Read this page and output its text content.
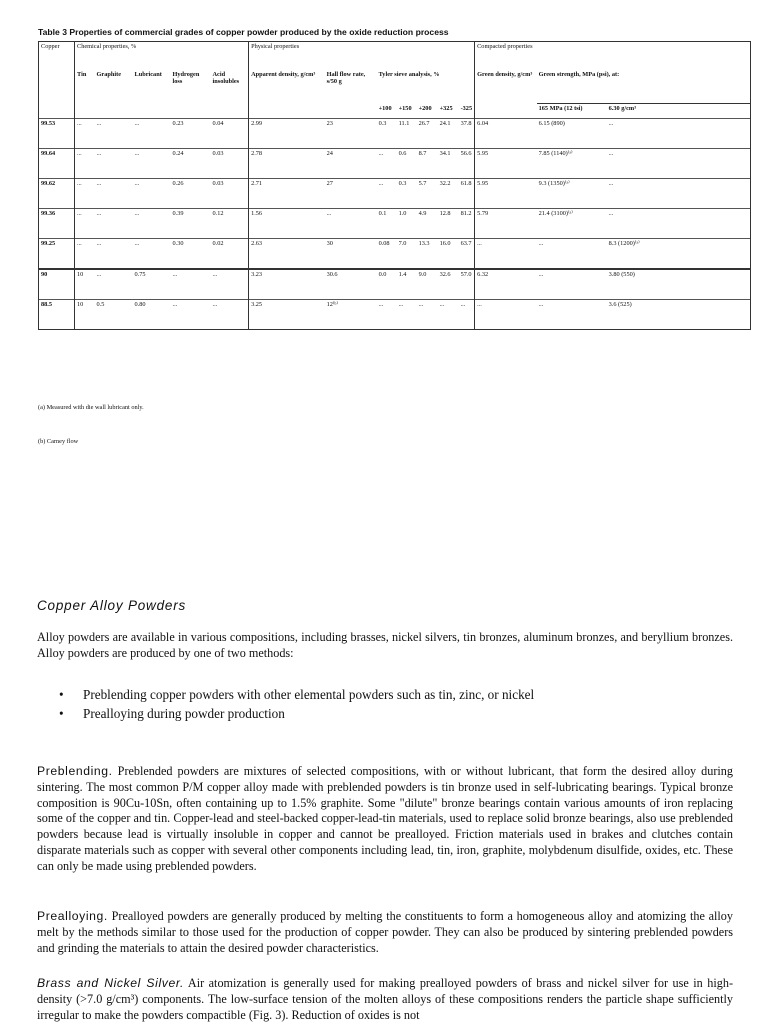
Table 3 Properties of commercial grades of copper powder produced by the oxide reduction process
Copper	Chemical properties, %					Physical properties							Compacted properties		
	Tin	Graphite	Lubricant	Hydrogen loss	Acid insolubles	Apparent density, g/cm³	Hall flow rate, s/50 g	Tyler sieve analysis, %					Green density, g/cm³	Green strength, MPa (psi), at:	
								+100	+150	+200	+325	-325		165 MPa (12 tsi)	6.30 g/cm³
99.53	...	...	...	0.23	0.04	2.99	23	0.3	11.1	26.7	24.1	37.8	6.04	6.15 (890)	...
99.64	...	...	...	0.24	0.03	2.78	24	...	0.6	8.7	34.1	56.6	5.95	7.85 (1140)⁽ᵃ⁾	...
99.62	...	...	...	0.26	0.03	2.71	27	...	0.3	5.7	32.2	61.8	5.95	9.3 (1350)⁽ᵃ⁾	...
99.36	...	...	...	0.39	0.12	1.56	...	0.1	1.0	4.9	12.8	81.2	5.79	21.4 (3100)⁽ᵃ⁾	...
99.25	...	...	...	0.30	0.02	2.63	30	0.08	7.0	13.3	16.0	63.7	...	...	8.3 (1200)⁽ᵃ⁾
90	10	...	0.75	...	...	3.23	30.6	0.0	1.4	9.0	32.6	57.0	6.32	...	3.80 (550)
88.5	10	0.5	0.80	...	...	3.25	12⁽ᵇ⁾	...	...	...	...	...	...	...	3.6 (525)
(a) Measured with die wall lubricant only.
(b) Carney flow
Copper Alloy Powders
Alloy powders are available in various compositions, including brasses, nickel silvers, tin bronzes, aluminum bronzes, and beryllium bronzes. Alloy powders are produced by one of two methods:
• Preblending copper powders with other elemental powders such as tin, zinc, or nickel
• Prealloying during powder production
Preblending. Preblended powders are mixtures of selected compositions, with or without lubricant, that form the desired alloy during sintering. The most common P/M copper alloy made with preblended powders is tin bronze used in self-lubricating bearings. Typical bronze composition is 90Cu-10Sn, often containing up to 1.5% graphite. Some "dilute" bronze bearings contain various amounts of iron replacing some of the copper and tin. Copper-lead and steel-backed copper-lead-tin materials, used to replace solid bronze bearings, also use preblended powders because lead is virtually insoluble in copper and cannot be prealloyed. Friction materials used in brakes and clutches contain disparate materials such as copper with several other components including lead, tin, iron, graphite, molybdenum disulfide, oxides, etc. These can only be made using preblended powders.
Prealloying. Prealloyed powders are generally produced by melting the constituents to form a homogeneous alloy and atomizing the alloy melt by the methods similar to those used for the production of copper powder. They can also be produced by sintering preblended powders and grinding the materials to attain the desired powder characteristics.
Brass and Nickel Silver. Air atomization is generally used for making prealloyed powders of brass and nickel silver for use in high-density (>7.0 g/cm³) components. The low-surface tension of the molten alloys of these compositions renders the particle shape sufficiently irregular to make the powders compactible (Fig. 3). Reduction of oxides is not
